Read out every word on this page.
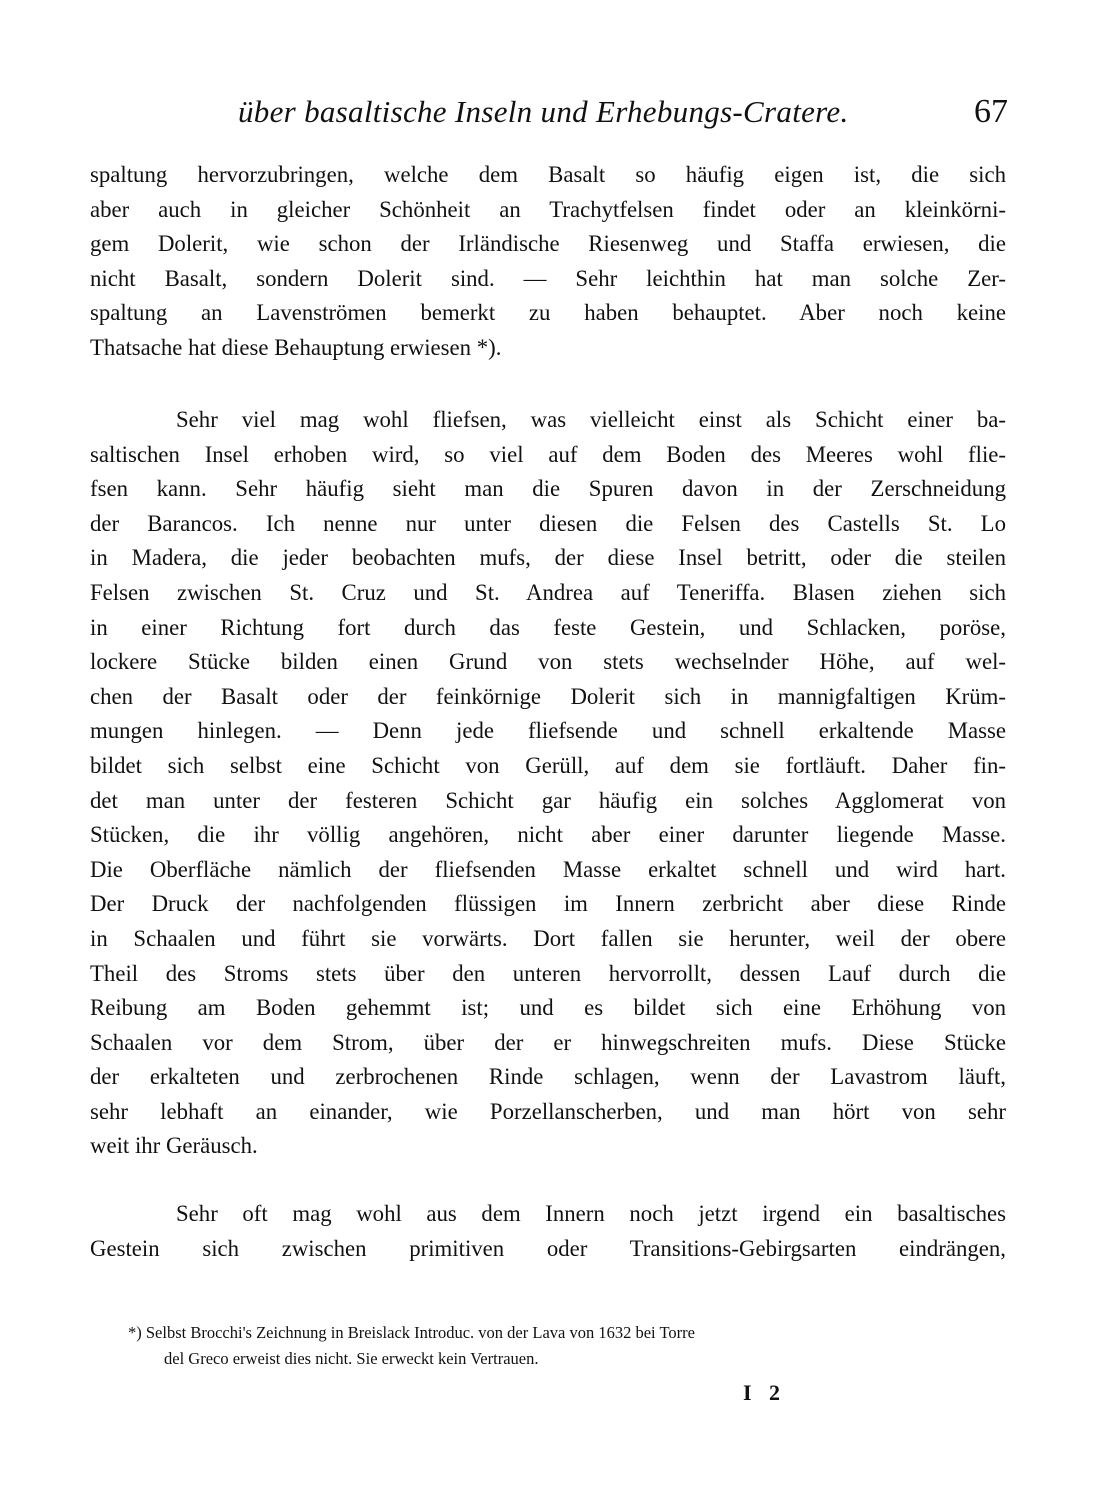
über basaltische Inseln und Erhebungs-Cratere.	67
spaltung hervorzubringen, welche dem Basalt so häufig eigen ist, die sich
aber auch in gleicher Schönheit an Trachytfelsen findet oder an kleinkörni-
gem Dolerit, wie schon der Irländische Riesenweg und Staffa erwiesen, die
nicht Basalt, sondern Dolerit sind. — Sehr leichthin hat man solche Zer-
spaltung an Lavenströmen bemerkt zu haben behauptet. Aber noch keine
Thatsache hat diese Behauptung erwiesen *).
Sehr viel mag wohl fliefsen, was vielleicht einst als Schicht einer ba-
saltischen Insel erhoben wird, so viel auf dem Boden des Meeres wohl flie-
fsen kann. Sehr häufig sieht man die Spuren davon in der Zerschneidung
der Barancos. Ich nenne nur unter diesen die Felsen des Castells St. Lo
in Madera, die jeder beobachten mufs, der diese Insel betritt, oder die steilen
Felsen zwischen St. Cruz und St. Andrea auf Teneriffa. Blasen ziehen sich
in einer Richtung fort durch das feste Gestein, und Schlacken, poröse,
lockere Stücke bilden einen Grund von stets wechselnder Höhe, auf wel-
chen der Basalt oder der feinkörnige Dolerit sich in mannigfaltigen Krüm-
mungen hinlegen. — Denn jede fliefsende und schnell erkaltende Masse
bildet sich selbst eine Schicht von Gerüll, auf dem sie fortläuft. Daher fin-
det man unter der festeren Schicht gar häufig ein solches Agglomerat von
Stücken, die ihr völlig angehören, nicht aber einer darunter liegende Masse.
Die Oberfläche nämlich der fliefsenden Masse erkaltet schnell und wird hart.
Der Druck der nachfolgenden flüssigen im Innern zerbricht aber diese Rinde
in Schaalen und führt sie vorwärts. Dort fallen sie herunter, weil der obere
Theil des Stroms stets über den unteren hervorrollt, dessen Lauf durch die
Reibung am Boden gehemmt ist; und es bildet sich eine Erhöhung von
Schaalen vor dem Strom, über der er hinwegschreiten mufs. Diese Stücke
der erkalteten und zerbrochenen Rinde schlagen, wenn der Lavastrom läuft,
sehr lebhaft an einander, wie Porzellanscherben, und man hört von sehr
weit ihr Geräusch.
Sehr oft mag wohl aus dem Innern noch jetzt irgend ein basaltisches
Gestein sich zwischen primitiven oder Transitions-Gebirgsarten eindrängen,
*) Selbst Brocchi's Zeichnung in Breislack Introduc. von der Lava von 1632 bei Torre
del Greco erweist dies nicht. Sie erweckt kein Vertrauen.
I 2
